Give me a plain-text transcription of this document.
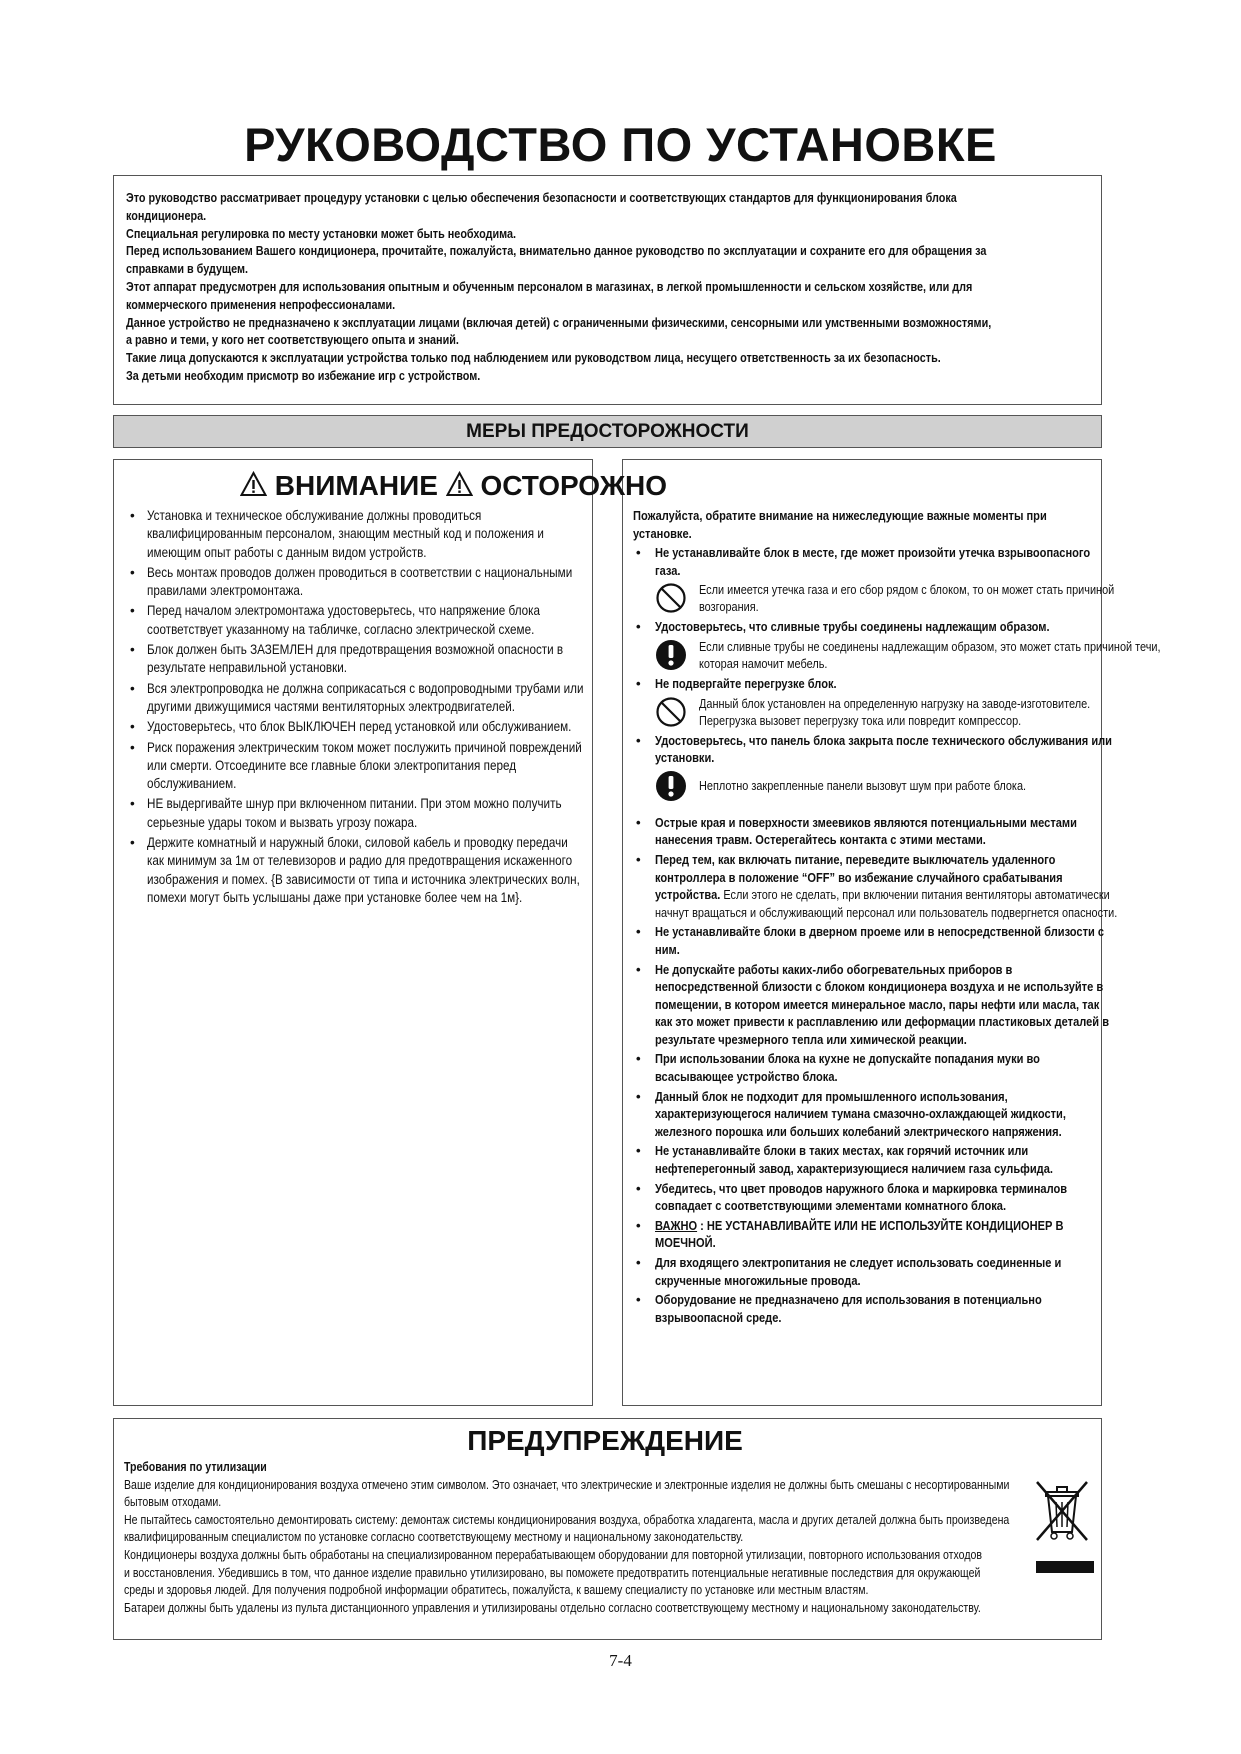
РУКОВОДСТВО ПО УСТАНОВКЕ
Это руководство рассматривает процедуру установки с целью обеспечения безопасности и соответствующих стандартов для функционирования блока
кондиционера.
Специальная регулировка по месту установки может быть необходима.
Перед использованием Вашего кондиционера, прочитайте, пожалуйста, внимательно данное руководство по эксплуатации и сохраните его для обращения за
справками в будущем.
Этот аппарат предусмотрен для использования опытным и обученным персоналом в магазинах, в легкой промышленности и сельском хозяйстве, или для
коммерческого применения непрофессионалами.
Данное устройство не предназначено к эксплуатации лицами (включая детей) с ограниченными физическими, сенсорными или умственными возможностями,
а равно и теми, у кого нет соответствующего опыта и знаний.
Такие лица допускаются к эксплуатации устройства только под наблюдением или руководством лица, несущего ответственность за их безопасность.
За детьми необходим присмотр во избежание игр с устройством.
МЕРЫ ПРЕДОСТОРОЖНОСТИ
ВНИМАНИЕ ОСТОРОЖНО
• Установка и техническое обслуживание должны проводиться квалифицированным персоналом, знающим местный код и положения и имеющим опыт работы с данным видом устройств.
• Весь монтаж проводов должен проводиться в соответствии с национальными правилами электромонтажа.
• Перед началом электромонтажа удостоверьтесь, что напряжение блока соответствует указанному на табличке, согласно электрической схеме.
• Блок должен быть ЗАЗЕМЛЕН для предотвращения возможной опасности в результате неправильной установки.
• Вся электропроводка не должна соприкасаться с водопроводными трубами или другими движущимися частями вентиляторных электродвигателей.
• Удостоверьтесь, что блок ВЫКЛЮЧЕН перед установкой или обслуживанием.
• Риск поражения электрическим током может послужить причиной повреждений или смерти. Отсоедините все главные блоки электропитания перед обслуживанием.
• НЕ выдергивайте шнур при включенном питании. При этом можно получить серьезные удары током и вызвать угрозу пожара.
• Держите комнатный и наружный блоки, силовой кабель и проводку передачи как минимум за 1м от телевизоров и радио для предотвращения искаженного изображения и помех. {В зависимости от типа и источника электрических волн, помехи могут быть услышаны даже при установке более чем на 1м}.
Пожалуйста, обратите внимание на нижеследующие важные моменты при установке.
• Не устанавливайте блок в месте, где может произойти утечка взрывоопасного газа.
Если имеется утечка газа и его сбор рядом с блоком, то он может стать причиной возгорания.
• Удостоверьтесь, что сливные трубы соединены надлежащим образом.
Если сливные трубы не соединены надлежащим образом, это может стать причиной течи, которая намочит мебель.
• Не подвергайте перегрузке блок.
Данный блок установлен на определенную нагрузку на заводе-изготовителе.
Перегрузка вызовет перегрузку тока или повредит компрессор.
• Удостоверьтесь, что панель блока закрыта после технического обслуживания или установки.
Неплотно закрепленные панели вызовут шум при работе блока.
• Острые края и поверхности змеевиков являются потенциальными местами нанесения травм. Остерегайтесь контакта с этими местами.
• Перед тем, как включать питание, переведите выключатель удаленного контроллера в положение “OFF” во избежание случайного срабатывания устройства. Если этого не сделать, при включении питания вентиляторы автоматически начнут вращаться и обслуживающий персонал или пользователь подвергнется опасности.
• Не устанавливайте блоки в дверном проеме или в непосредственной близости с ним.
• Не допускайте работы каких-либо обогревательных приборов в непосредственной близости с блоком кондиционера воздуха и не используйте в помещении, в котором имеется минеральное масло, пары нефти или масла, так как это может привести к расплавлению или деформации пластиковых деталей в результате чрезмерного тепла или химической реакции.
• При использовании блока на кухне не допускайте попадания муки во всасывающее устройство блока.
• Данный блок не подходит для промышленного использования, характеризующегося наличием тумана смазочно-охлаждающей жидкости, железного порошка или больших колебаний электрического напряжения.
• Не устанавливайте блоки в таких местах, как горячий источник или нефтеперегонный завод, характеризующиеся наличием газа сульфида.
• Убедитесь, что цвет проводов наружного блока и маркировка терминалов совпадает с соответствующими элементами комнатного блока.
• ВАЖНО : НЕ УСТАНАВЛИВАЙТЕ ИЛИ НЕ ИСПОЛЬЗУЙТЕ КОНДИЦИОНЕР В МОЕЧНОЙ.
• Для входящего электропитания не следует использовать соединенные и скрученные многожильные провода.
• Оборудование не предназначено для использования в потенциально взрывоопасной среде.
ПРЕДУПРЕЖДЕНИЕ
Требования по утилизации
Ваше изделие для кондиционирования воздуха отмечено этим символом. Это означает, что электрические и электронные изделия не должны быть смешаны с несортированными
бытовым отходами.
Не пытайтесь самостоятельно демонтировать систему: демонтаж системы кондиционирования воздуха, обработка хладагента, масла и других деталей должна быть произведена
квалифицированным специалистом по установке согласно соответствующему местному и национальному законодательству.
Кондиционеры воздуха должны быть обработаны на специализированном перерабатывающем оборудовании для повторной утилизации, повторного использования отходов
и восстановления. Убедившись в том, что данное изделие правильно утилизировано, вы поможете предотвратить потенциальные негативные последствия для окружающей
среды и здоровья людей. Для получения подробной информации обратитесь, пожалуйста, к вашему специалисту по установке или местным властям.
Батареи должны быть удалены из пульта дистанционного управления и утилизированы отдельно согласно соответствующему местному и национальному законодательству.
7-4
